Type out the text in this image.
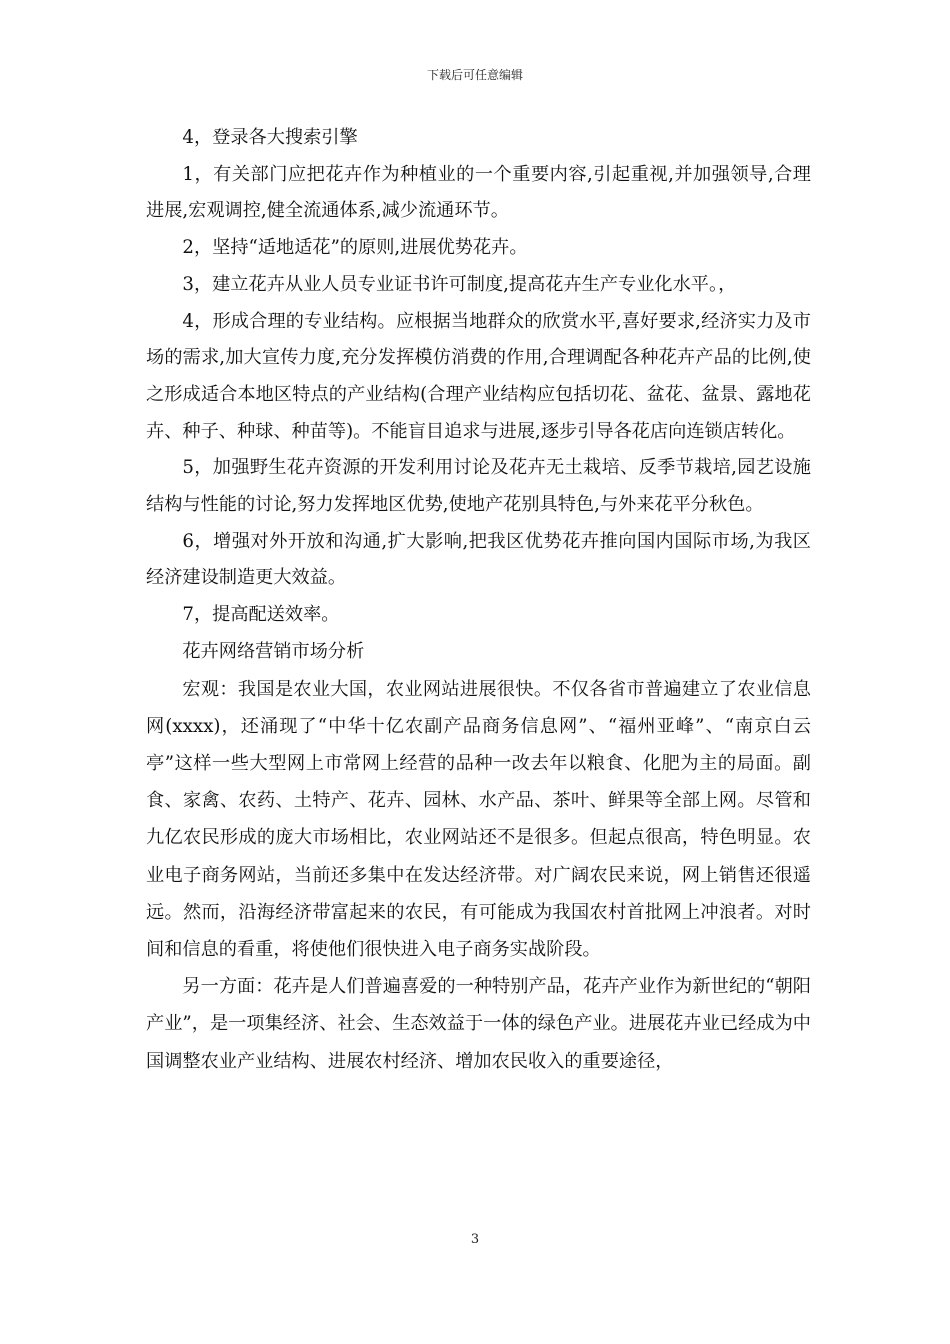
下载后可任意编辑

4，登录各大搜索引擎

1，有关部门应把花卉作为种植业的一个重要内容,引起重视,并加强领导,合理进展,宏观调控,健全流通体系,减少流通环节。

2，坚持“适地适花”的原则,进展优势花卉。

3，建立花卉从业人员专业证书许可制度,提高花卉生产专业化水平。，

4，形成合理的专业结构。应根据当地群众的欣赏水平,喜好要求,经济实力及市场的需求,加大宣传力度,充分发挥模仿消费的作用,合理调配各种花卉产品的比例,使之形成适合本地区特点的产业结构(合理产业结构应包括切花、盆花、盆景、露地花卉、种子、种球、种苗等)。不能盲目追求与进展,逐步引导各花店向连锁店转化。

5，加强野生花卉资源的开发利用讨论及花卉无土栽培、反季节栽培,园艺设施结构与性能的讨论,努力发挥地区优势,使地产花别具特色,与外来花平分秋色。

6，增强对外开放和沟通,扩大影响,把我区优势花卉推向国内国际市场,为我区经济建设制造更大效益。

7，提高配送效率。

花卉网络营销市场分析

宏观：我国是农业大国，农业网站进展很快。不仅各省市普遍建立了农业信息网(xxxx)，还涌现了“中华十亿农副产品商务信息网”、“福州亚峰”、“南京白云亭”这样一些大型网上市常网上经营的品种一改去年以粮食、化肥为主的局面。副食、家禽、农药、土特产、花卉、园林、水产品、茶叶、鲜果等全部上网。尽管和九亿农民形成的庞大市场相比，农业网站还不是很多。但起点很高，特色明显。农业电子商务网站，当前还多集中在发达经济带。对广阔农民来说，网上销售还很遥远。然而，沿海经济带富起来的农民，有可能成为我国农村首批网上冲浪者。对时间和信息的看重，将使他们很快进入电子商务实战阶段。

另一方面：花卉是人们普遍喜爱的一种特别产品，花卉产业作为新世纪的“朝阳产业”，是一项集经济、社会、生态效益于一体的绿色产业。进展花卉业已经成为中国调整农业产业结构、进展农村经济、增加农民收入的重要途径，

3
